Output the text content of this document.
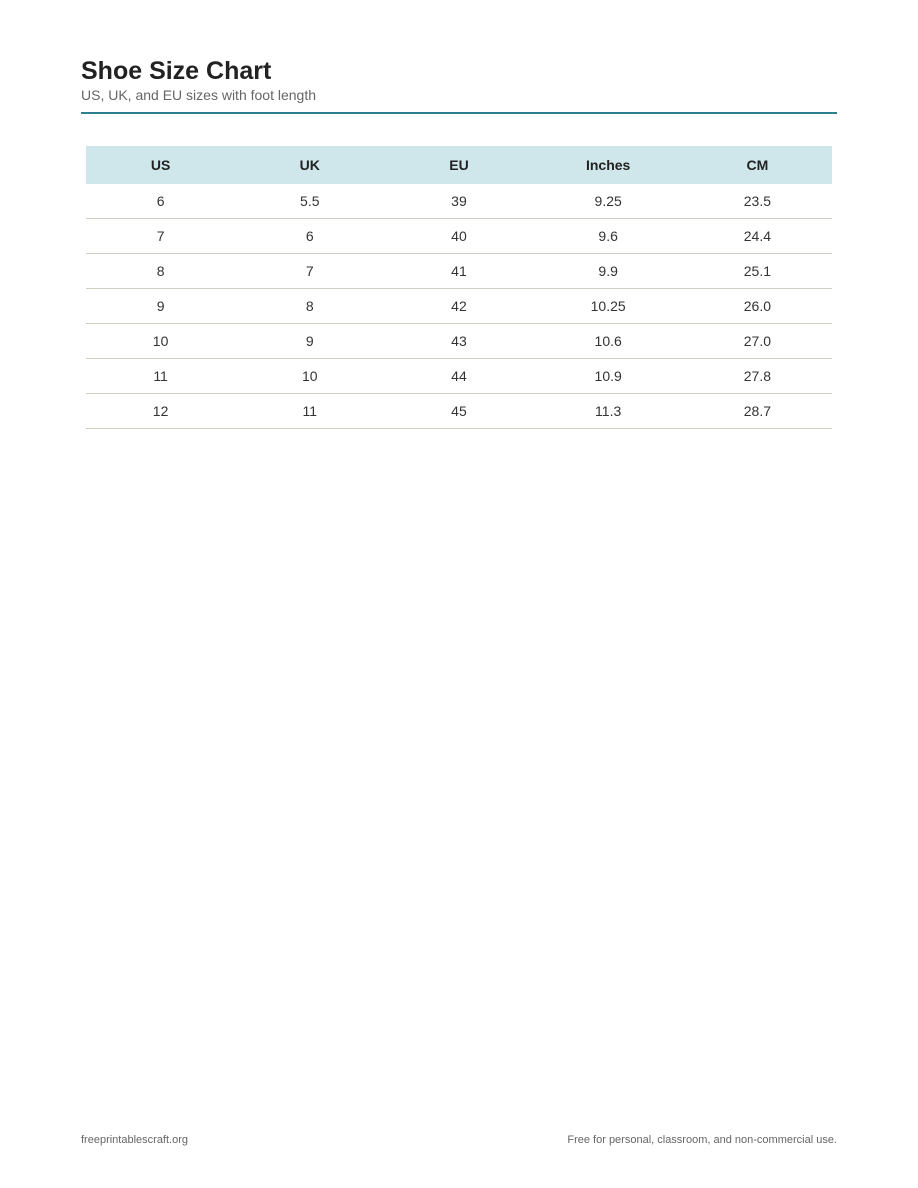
Shoe Size Chart

US, UK, and EU sizes with foot length

US	UK	EU	Inches	CM
6	5.5	39	9.25	23.5
7	6	40	9.6	24.4
8	7	41	9.9	25.1
9	8	42	10.25	26.0
10	9	43	10.6	27.0
11	10	44	10.9	27.8
12	11	45	11.3	28.7
freeprintablescraft.org	Free for personal, classroom, and non-commercial use.
